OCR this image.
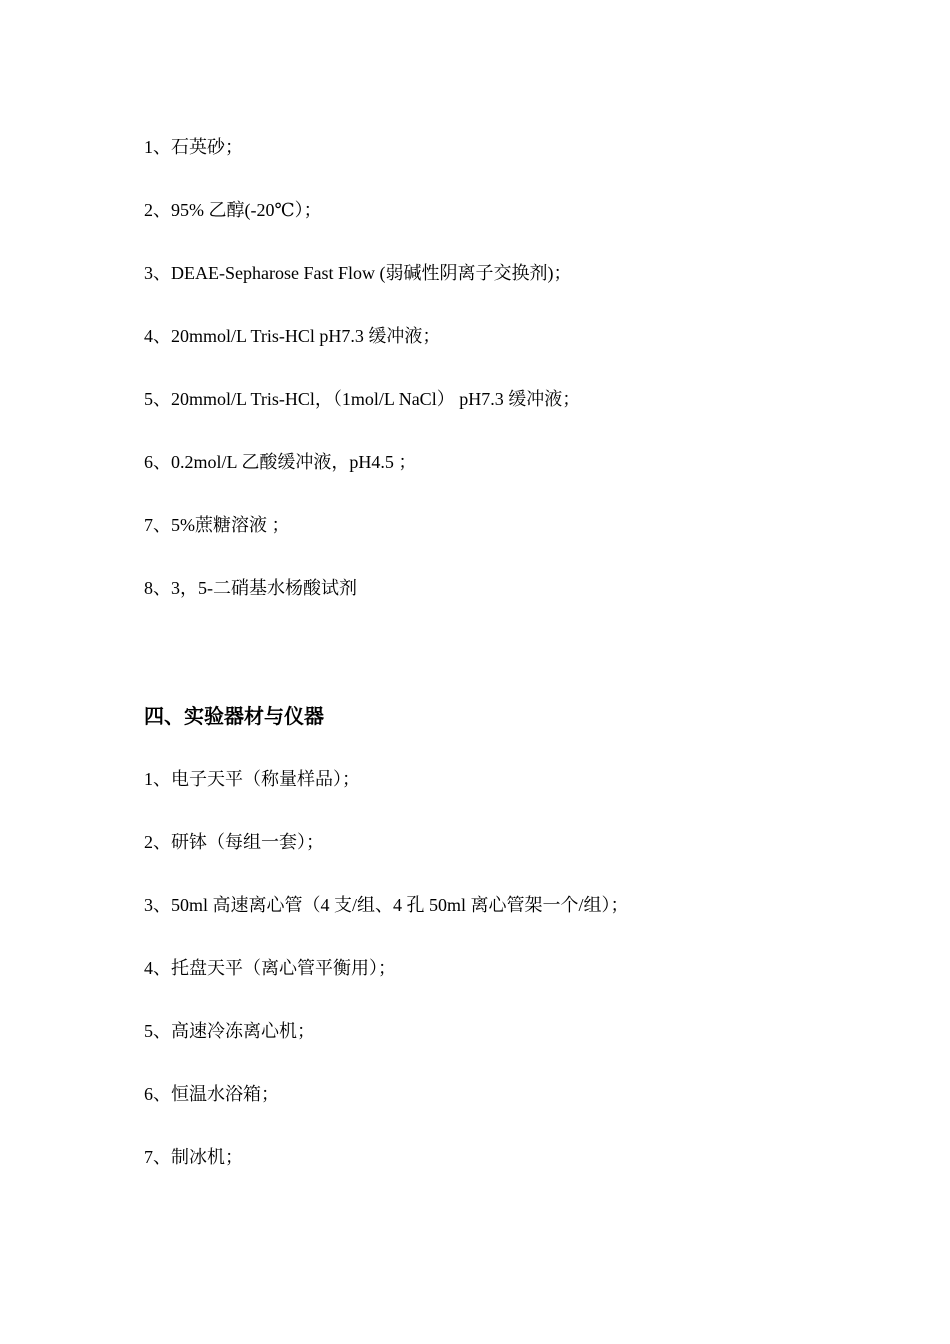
1、石英砂；
2、95% 乙醇(-20℃）；
3、DEAE-Sepharose Fast Flow (弱碱性阴离子交换剂)；
4、20mmol/L Tris-HCl pH7.3 缓冲液；
5、20mmol/L Tris-HCl，（1mol/L NaCl） pH7.3 缓冲液；
6、0.2mol/L 乙酸缓冲液，pH4.5 ；
7、5%蔗糖溶液 ；
8、3，5-二硝基水杨酸试剂
四、实验器材与仪器
1、电子天平（称量样品）；
2、研钵（每组一套）；
3、50ml 高速离心管（4 支/组、4 孔 50ml 离心管架一个/组）；
4、托盘天平（离心管平衡用）；
5、高速冷冻离心机；
6、恒温水浴箱；
7、制冰机；
